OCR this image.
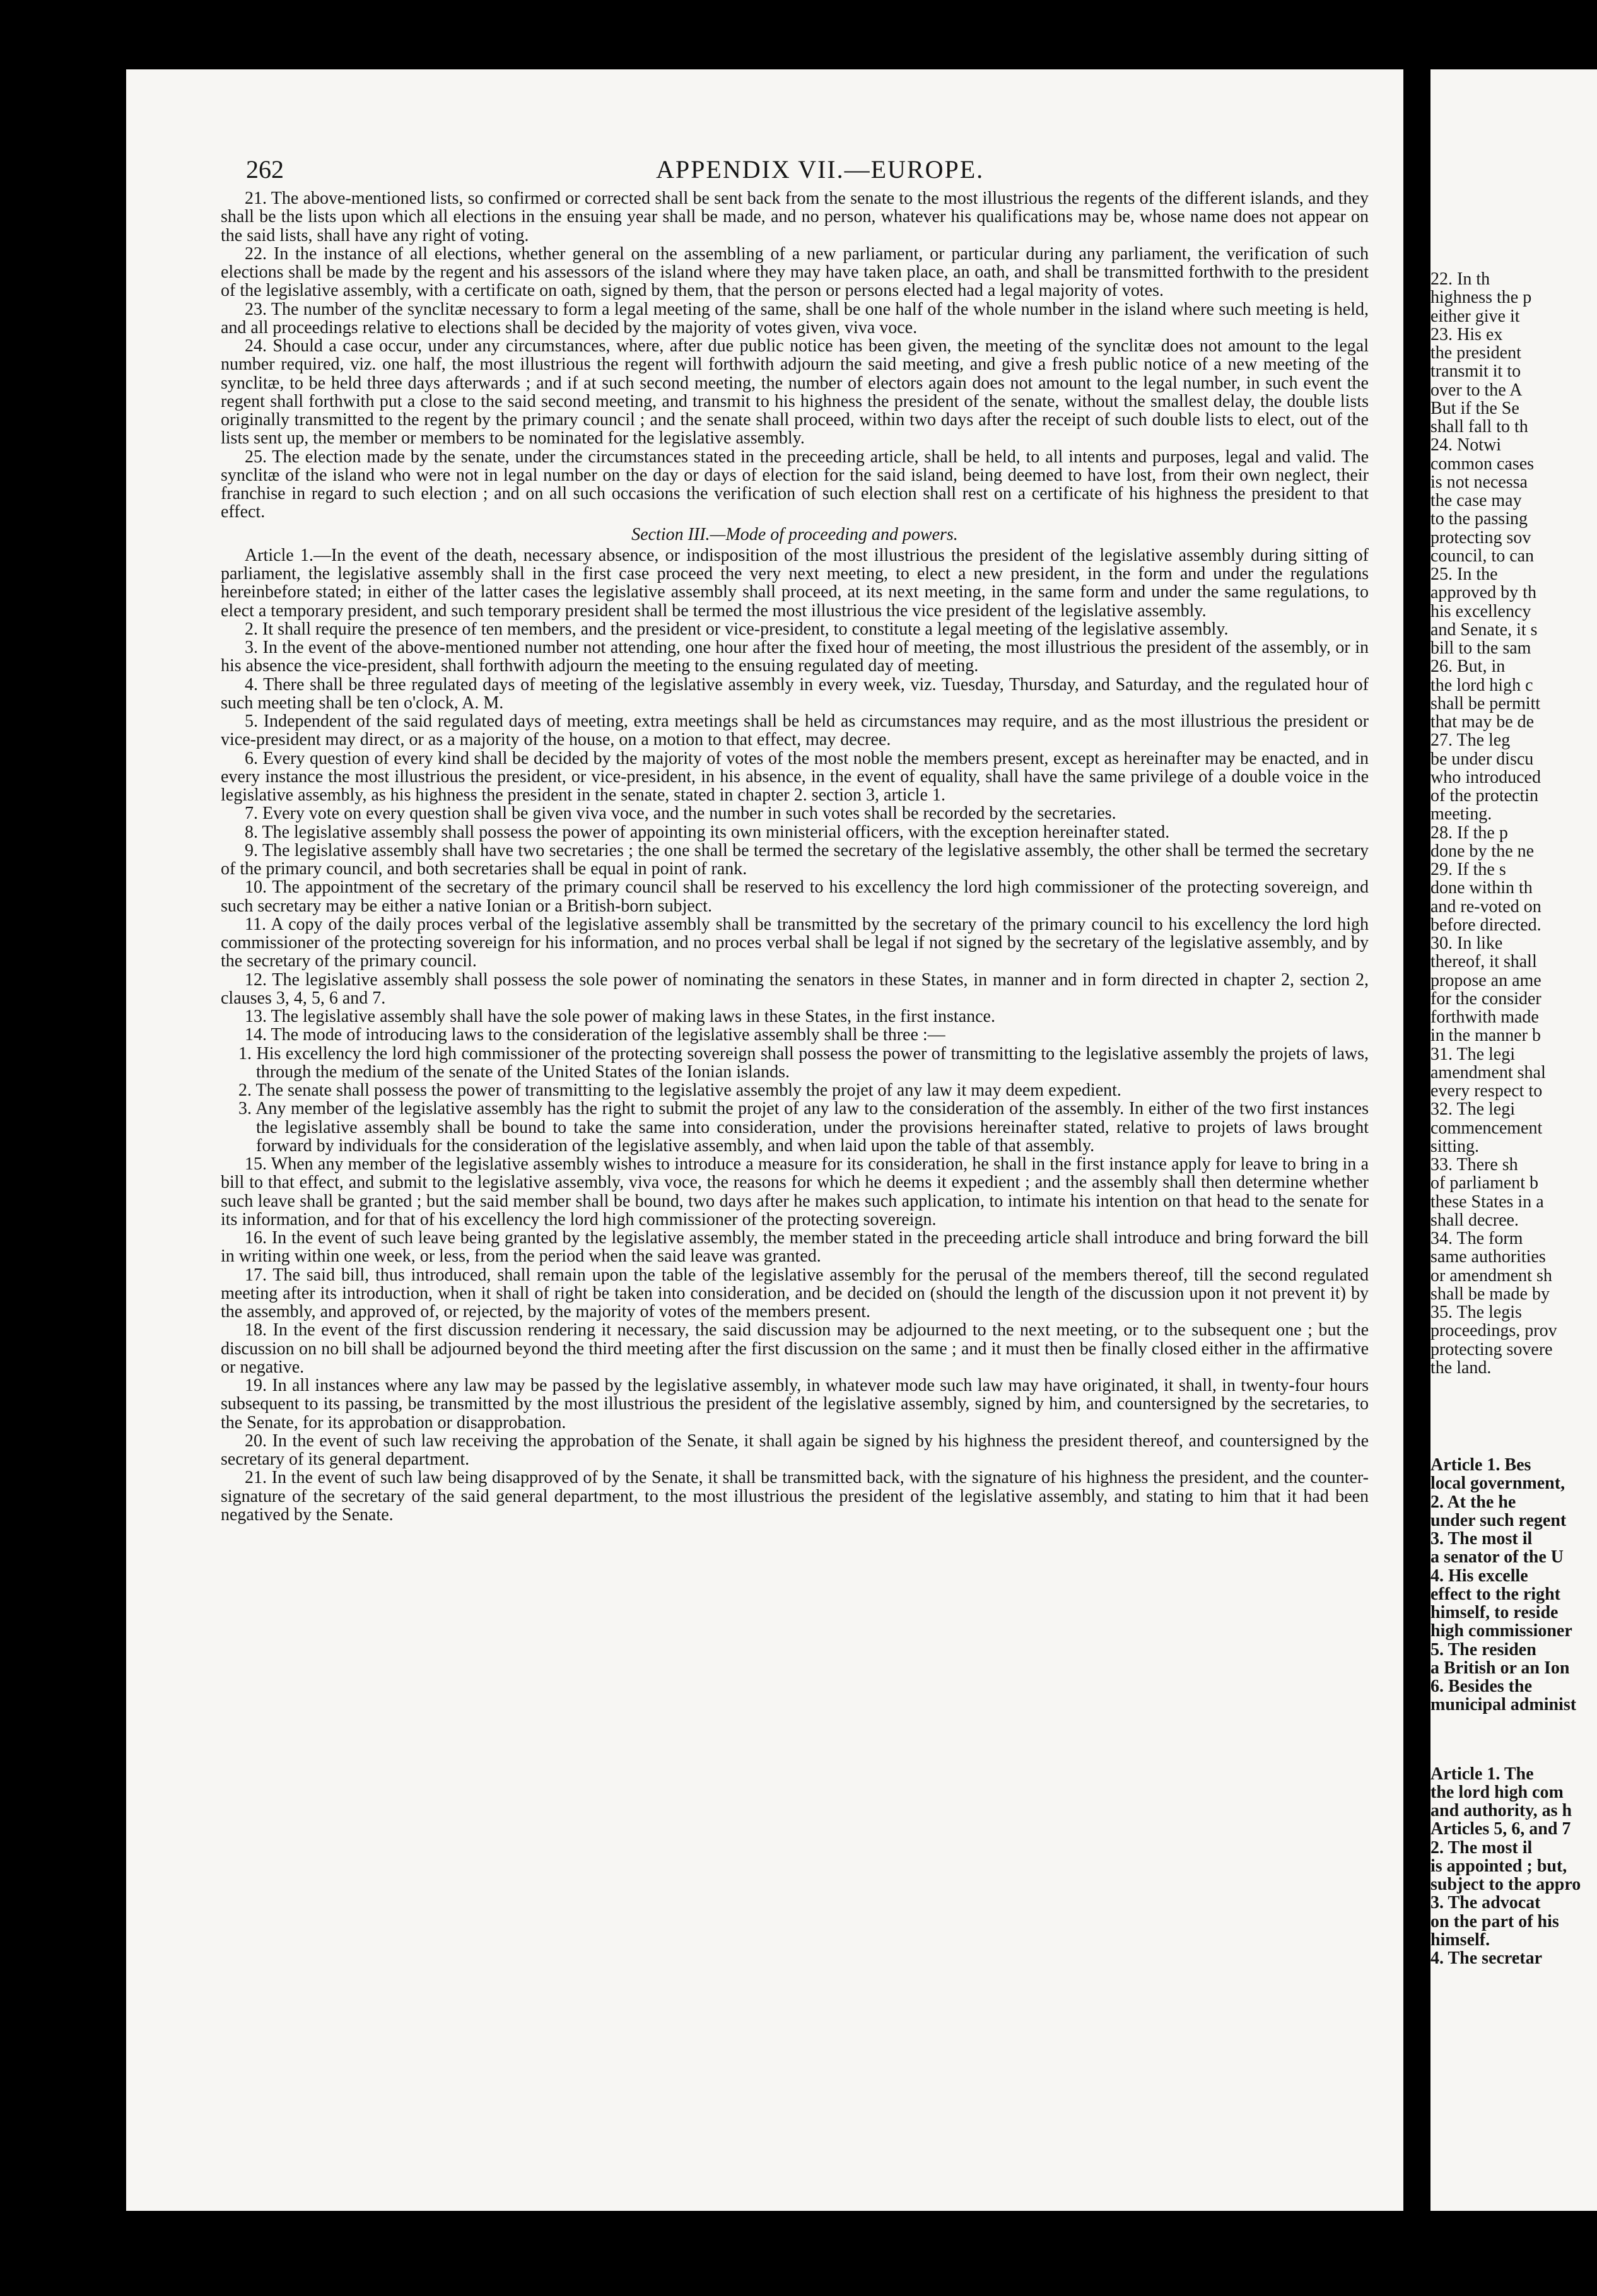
262	APPENDIX VII.—EUROPE.

21. The above-mentioned lists, so confirmed or corrected shall be sent back from the senate to the most illustrious the regents of the different islands, and they shall be the lists upon which all elections in the ensuing year shall be made, and no person, whatever his qualifications may be, whose name does not appear on the said lists, shall have any right of voting.

22. In the instance of all elections, whether general on the assembling of a new parliament, or particular during any parliament, the verification of such elections shall be made by the regent and his assessors of the island where they may have taken place, an oath, and shall be transmitted forthwith to the president of the legislative assembly, with a certificate on oath, signed by them, that the person or persons elected had a legal majority of votes.

23. The number of the synclitæ necessary to form a legal meeting of the same, shall be one half of the whole number in the island where such meeting is held, and all proceedings relative to elections shall be decided by the majority of votes given, viva voce.

24. Should a case occur, under any circumstances, where, after due public notice has been given, the meeting of the synclitæ does not amount to the legal number required, viz. one half, the most illustrious the regent will forthwith adjourn the said meeting, and give a fresh public notice of a new meeting of the synclitæ, to be held three days afterwards ; and if at such second meeting, the number of electors again does not amount to the legal number, in such event the regent shall forthwith put a close to the said second meeting, and transmit to his highness the president of the senate, without the smallest delay, the double lists originally transmitted to the regent by the primary council ; and the senate shall proceed, within two days after the receipt of such double lists to elect, out of the lists sent up, the member or members to be nominated for the legislative assembly.

25. The election made by the senate, under the circumstances stated in the preceeding article, shall be held, to all intents and purposes, legal and valid. The synclitæ of the island who were not in legal number on the day or days of election for the said island, being deemed to have lost, from their own neglect, their franchise in regard to such election ; and on all such occasions the verification of such election shall rest on a certificate of his highness the president to that effect.

Section III.—Mode of proceeding and powers.

Article 1.—In the event of the death, necessary absence, or indisposition of the most illustrious the president of the legislative assembly during sitting of parliament, the legislative assembly shall in the first case proceed the very next meeting, to elect a new president, in the form and under the regulations hereinbefore stated; in either of the latter cases the legislative assembly shall proceed, at its next meeting, in the same form and under the same regulations, to elect a temporary president, and such temporary president shall be termed the most illustrious the vice president of the legislative assembly.

2. It shall require the presence of ten members, and the president or vice-president, to constitute a legal meeting of the legislative assembly.

3. In the event of the above-mentioned number not attending, one hour after the fixed hour of meeting, the most illustrious the president of the assembly, or in his absence the vice-president, shall forthwith adjourn the meeting to the ensuing regulated day of meeting.

4. There shall be three regulated days of meeting of the legislative assembly in every week, viz. Tuesday, Thursday, and Saturday, and the regulated hour of such meeting shall be ten o'clock, A. M.

5. Independent of the said regulated days of meeting, extra meetings shall be held as circumstances may require, and as the most illustrious the president or vice-president may direct, or as a majority of the house, on a motion to that effect, may decree.

6. Every question of every kind shall be decided by the majority of votes of the most noble the members present, except as hereinafter may be enacted, and in every instance the most illustrious the president, or vice-president, in his absence, in the event of equality, shall have the same privilege of a double voice in the legislative assembly, as his highness the president in the senate, stated in chapter 2. section 3, article 1.

7. Every vote on every question shall be given viva voce, and the number in such votes shall be recorded by the secretaries.

8. The legislative assembly shall possess the power of appointing its own ministerial officers, with the exception hereinafter stated.

9. The legislative assembly shall have two secretaries ; the one shall be termed the secretary of the legislative assembly, the other shall be termed the secretary of the primary council, and both secretaries shall be equal in point of rank.

10. The appointment of the secretary of the primary council shall be reserved to his excellency the lord high commissioner of the protecting sovereign, and such secretary may be either a native Ionian or a British-born subject.

11. A copy of the daily proces verbal of the legislative assembly shall be transmitted by the secretary of the primary council to his excellency the lord high commissioner of the protecting sovereign for his information, and no proces verbal shall be legal if not signed by the secretary of the legislative assembly, and by the secretary of the primary council.

12. The legislative assembly shall possess the sole power of nominating the senators in these States, in manner and in form directed in chapter 2, section 2, clauses 3, 4, 5, 6 and 7.

13. The legislative assembly shall have the sole power of making laws in these States, in the first instance.

14. The mode of introducing laws to the consideration of the legislative assembly shall be three :—

1. His excellency the lord high commissioner of the protecting sovereign shall possess the power of transmitting to the legislative assembly the projets of laws, through the medium of the senate of the United States of the Ionian islands.

2. The senate shall possess the power of transmitting to the legislative assembly the projet of any law it may deem expedient.

3. Any member of the legislative assembly has the right to submit the projet of any law to the consideration of the assembly. In either of the two first instances the legislative assembly shall be bound to take the same into consideration, under the provisions hereinafter stated, relative to projets of laws brought forward by individuals for the consideration of the legislative assembly, and when laid upon the table of that assembly.

15. When any member of the legislative assembly wishes to introduce a measure for its consideration, he shall in the first instance apply for leave to bring in a bill to that effect, and submit to the legislative assembly, viva voce, the reasons for which he deems it expedient ; and the assembly shall then determine whether such leave shall be granted ; but the said member shall be bound, two days after he makes such application, to intimate his intention on that head to the senate for its information, and for that of his excellency the lord high commissioner of the protecting sovereign.

16. In the event of such leave being granted by the legislative assembly, the member stated in the preceeding article shall introduce and bring forward the bill in writing within one week, or less, from the period when the said leave was granted.

17. The said bill, thus introduced, shall remain upon the table of the legislative assembly for the perusal of the members thereof, till the second regulated meeting after its introduction, when it shall of right be taken into consideration, and be decided on (should the length of the discussion upon it not prevent it) by the assembly, and approved of, or rejected, by the majority of votes of the members present.

18. In the event of the first discussion rendering it necessary, the said discussion may be adjourned to the next meeting, or to the subsequent one ; but the discussion on no bill shall be adjourned beyond the third meeting after the first discussion on the same ; and it must then be finally closed either in the affirmative or negative.

19. In all instances where any law may be passed by the legislative assembly, in whatever mode such law may have originated, it shall, in twenty-four hours subsequent to its passing, be transmitted by the most illustrious the president of the legislative assembly, signed by him, and countersigned by the secretaries, to the Senate, for its approbation or disapprobation.

20. In the event of such law receiving the approbation of the Senate, it shall again be signed by his highness the president thereof, and countersigned by the secretary of its general department.

21. In the event of such law being disapproved of by the Senate, it shall be transmitted back, with the signature of his highness the president, and the counter-signature of the secretary of the said general department, to the most illustrious the president of the legislative assembly, and stating to him that it had been negatived by the Senate.

22. In th
highness the p
either give it
23. His ex
the president
transmit it to
over to the A
But if the Se
shall fall to th
24. Notwi
common cases
is not necessa
the case may
to the passing
protecting sov
council, to can
25. In the
approved by th
his excellency
and Senate, it s
bill to the sam
26. But, in
the lord high c
shall be permitt
that may be de
27. The leg
be under discu
who introduced
of the protectin
meeting.
28. If the p
done by the ne
29. If the s
done within th
and re-voted on
before directed.
30. In like
thereof, it shall
propose an ame
for the consider
forthwith made
in the manner b
31. The legi
amendment shal
every respect to
32. The legi
commencement
sitting.
33. There sh
of parliament b
these States in a
shall decree.
34. The form
same authorities
or amendment sh
shall be made by
35. The legis
proceedings, prov
protecting sovere
the land.
Article 1. Bes
local government,
2. At the he
under such regent
3. The most il
a senator of the U
4. His excelle
effect to the right
himself, to reside
high commissioner
5. The residen
a British or an Ion
6. Besides the
municipal administ
Article 1. The
the lord high com
and authority, as h
Articles 5, 6, and 7
2. The most il
is appointed ; but,
subject to the appro
3. The advocat
on the part of his
himself.
4. The secretar
